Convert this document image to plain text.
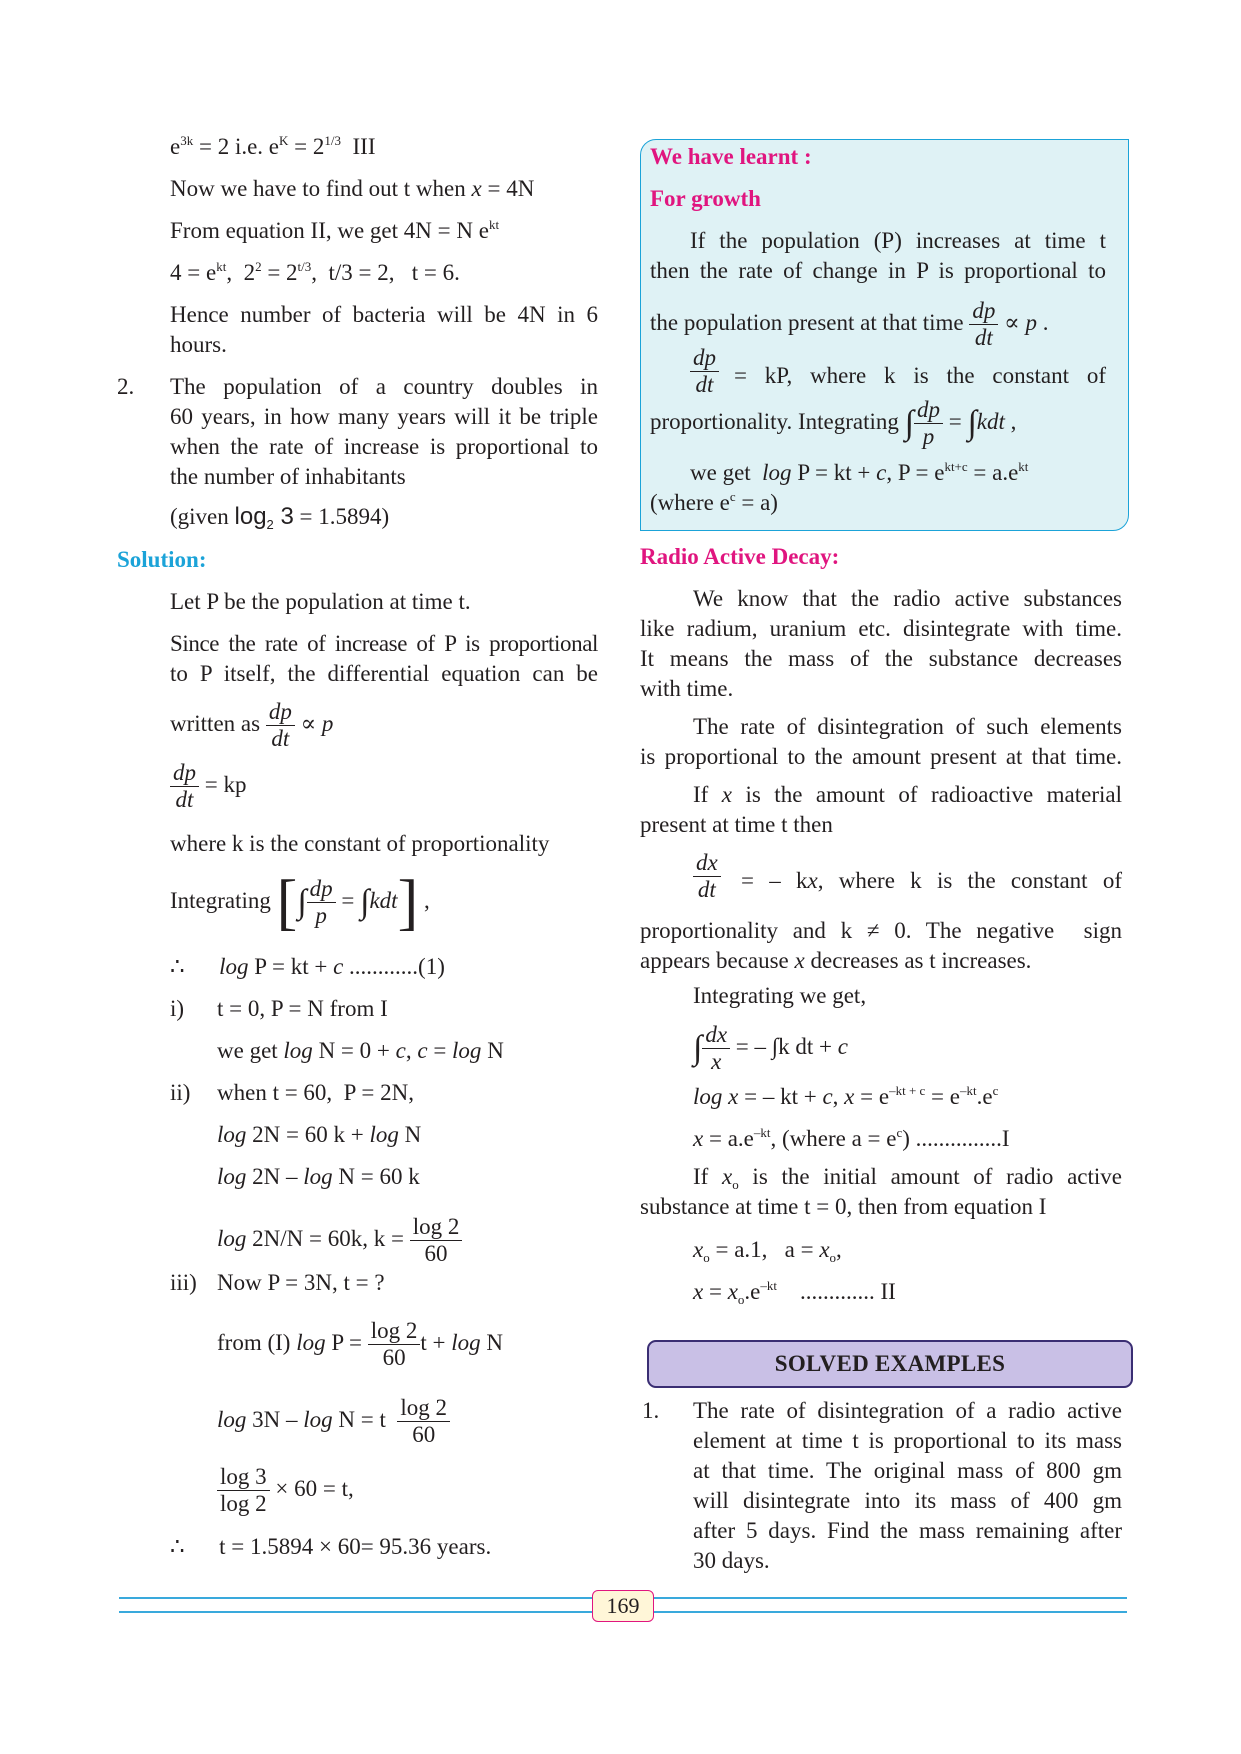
$e^{3k} = 2$ i.e. $e^K = 2^{1/3}$  III
Now we have to find out t when x = 4N
From equation II, we get 4N = N $e^{kt}$
$4 = e^{kt}$,  $2^2 = 2^{t/3}$,  t/3 = 2,   t = 6.
Hence number of bacteria will be 4N in 6
hours.
2. The population of a country doubles in
60 years, in how many years will it be triple
when the rate of increase is proportional to
the number of inhabitants
(given $\log_2 3 = 1.5894$)
Solution:
Let P be the population at time t.
Since the rate of increase of P is proportional
to P itself, the differential equation can be
written as $\frac{dp}{dt} \propto p$
$\frac{dp}{dt}$ = kp
where k is the constant of proportionality
Integrating [∫ $\frac{dp}{p} = \int kdt$] ,
∴      log P = kt + c ............(1)
i) t = 0, P = N from I
we get log N = 0 + c, c = log N
ii) when t = 60,  P = 2N,
log 2N = 60 k + log N
log 2N – log N = 60 k
log 2N/N = 60k, $k = \frac{\log 2}{60}$
iii) Now P = 3N, t = ?
from (I) $\log P = \frac{\log 2}{60}$ t + log N
log 3N – log N = t $\frac{\log 2}{60}$
$\frac{\log 3}{\log 2} \times 60 = t$,
∴      t = 1.5894 × 60= 95.36 years.
We have learnt :
For growth
If the population (P) increases at time t
then the rate of change in P is proportional to
the population present at that time $\frac{dp}{dt} \propto p$ .
$\frac{dp}{dt}$ = kP, where k is the constant of
proportionality. Integrating ∫ $\frac{dp}{p} = \int kdt$ ,
we get  log P = kt + c, $P = e^{kt+c} = a.e^{kt}$
(where $e^c = a$)
Radio Active Decay:
We know that the radio active substances
like radium, uranium etc. disintegrate with time.
It means the mass of the substance decreases
with time.
The rate of disintegration of such elements
is proportional to the amount present at that time.
If x is the amount of radioactive material
present at time t then
$\frac{dx}{dt}$ = – kx, where k is the constant of
proportionality and k ≠ 0. The negative  sign
appears because x decreases as t increases.
Integrating we get,
∫ $\frac{dx}{x}$ = – ∫k dt + c
log x = – kt + c, $x = e^{-kt + c} = e^{-kt}.e^c$
$x = a.e^{-kt}$, (where $a = e^c$) ...............I
If $x_o$ is the initial amount of radio active
substance at time t = 0, then from equation I
$x_o = a.1$,   $a = x_o$,
$x = x_o.e^{-kt}$    ............. II
SOLVED EXAMPLES
1. The rate of disintegration of a radio active
element at time t is proportional to its mass
at that time. The original mass of 800 gm
will disintegrate into its mass of 400 gm
after 5 days. Find the mass remaining after
30 days.
169
